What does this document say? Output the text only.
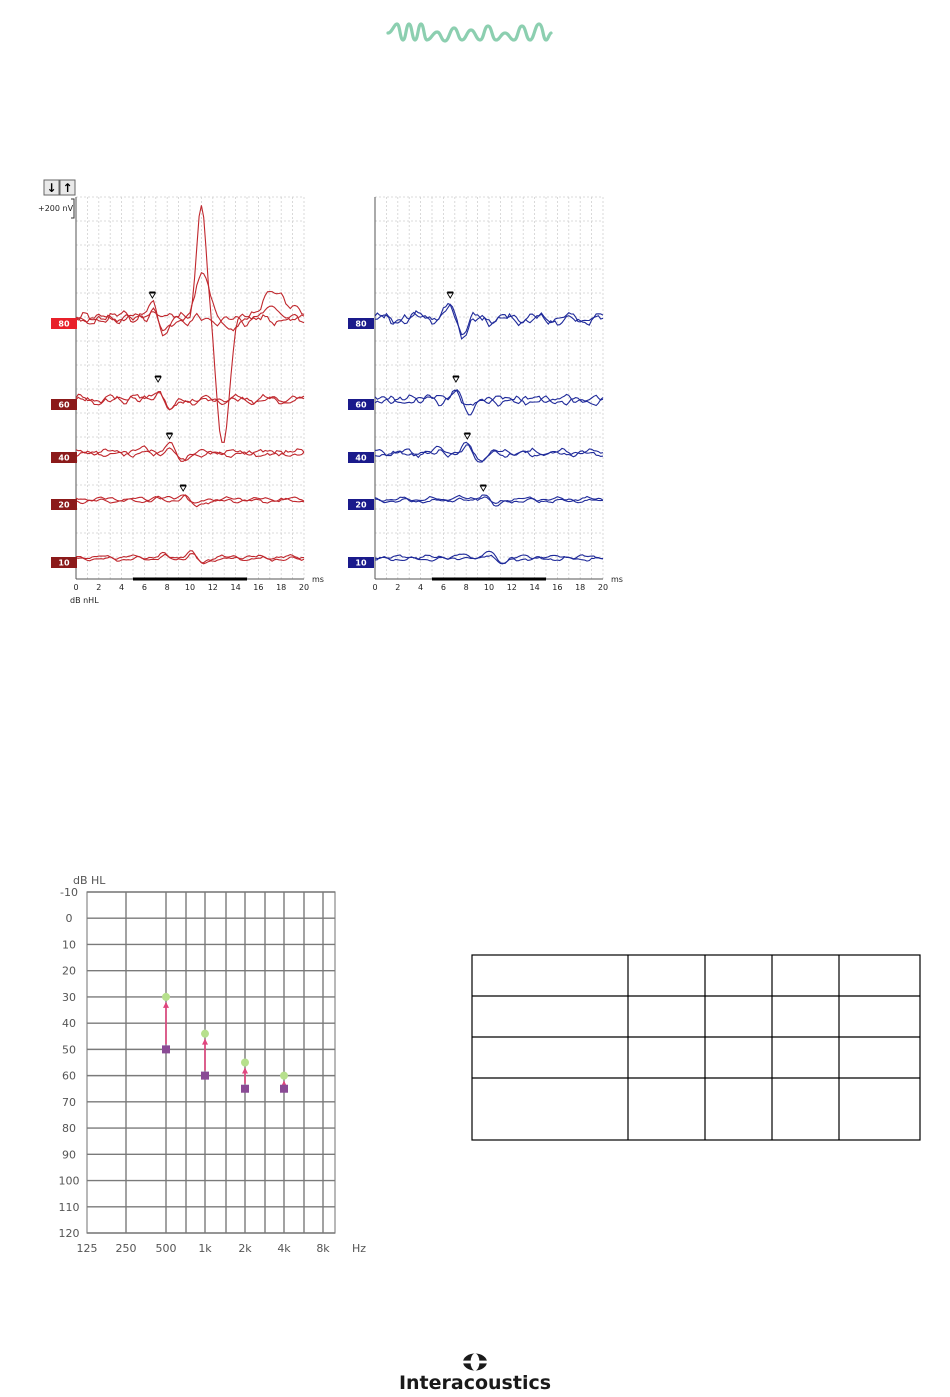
↓ ↑
+200 nV
0 2 4 6 8 10 12 14 16 18 20
ms
80
60
40
20
10
0 2 4 6 8 10 12 14 16 18 20
ms
80
60
40
20
10
dB nHL
-10
0
10
20
30
40
50
60
70
80
90
100
110
120
125 250 500 1k 2k 4k 8k Hz
dB HL
Interacoustics
